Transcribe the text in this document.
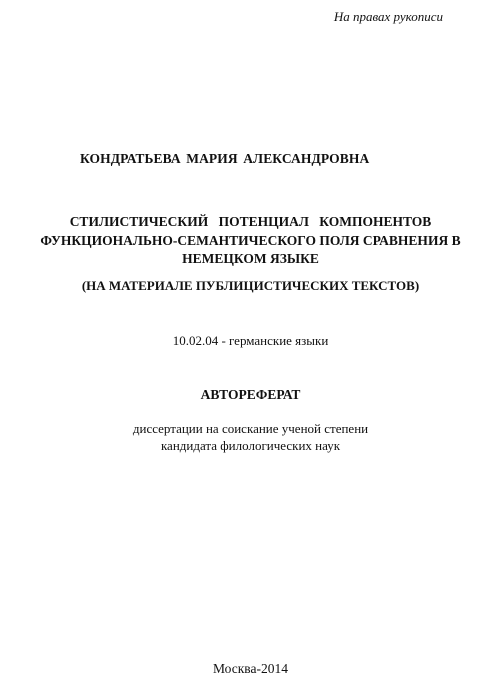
На правах рукописи

КОНДРАТЬЕВА МАРИЯ АЛЕКСАНДРОВНА

СТИЛИСТИЧЕСКИЙ ПОТЕНЦИАЛ КОМПОНЕНТОВ
ФУНКЦИОНАЛЬНО-СЕМАНТИЧЕСКОГО ПОЛЯ СРАВНЕНИЯ В
НЕМЕЦКОМ ЯЗЫКЕ

(НА МАТЕРИАЛЕ ПУБЛИЦИСТИЧЕСКИХ ТЕКСТОВ)

10.02.04 - германские языки

АВТОРЕФЕРАТ

диссертации на соискание ученой степени
кандидата филологических наук

Москва-2014
